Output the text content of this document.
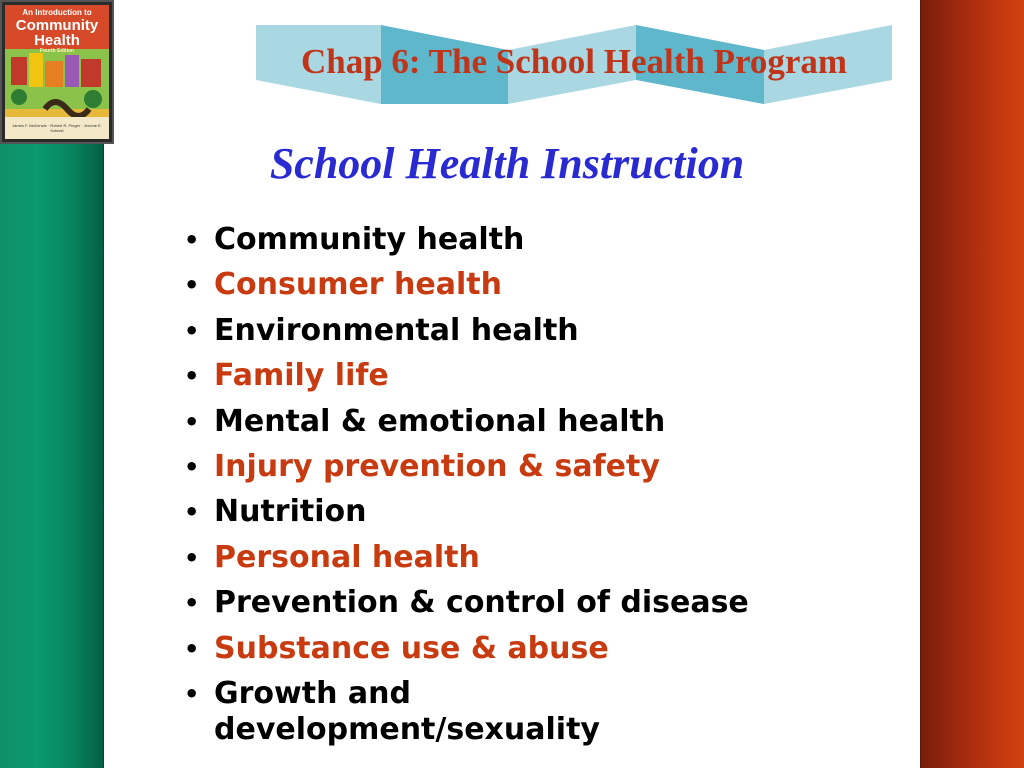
An Introduction to
Community
Health
Fourth Edition
James F. McKenzie · Robert R. Pinger · Jerome E. Kotecki
Chap 6: The School Health Program
School Health Instruction
• Community health
• Consumer health
• Environmental health
• Family life
• Mental & emotional health
• Injury prevention & safety
• Nutrition
• Personal health
• Prevention & control of disease
• Substance use & abuse
• Growth and development/sexuality
